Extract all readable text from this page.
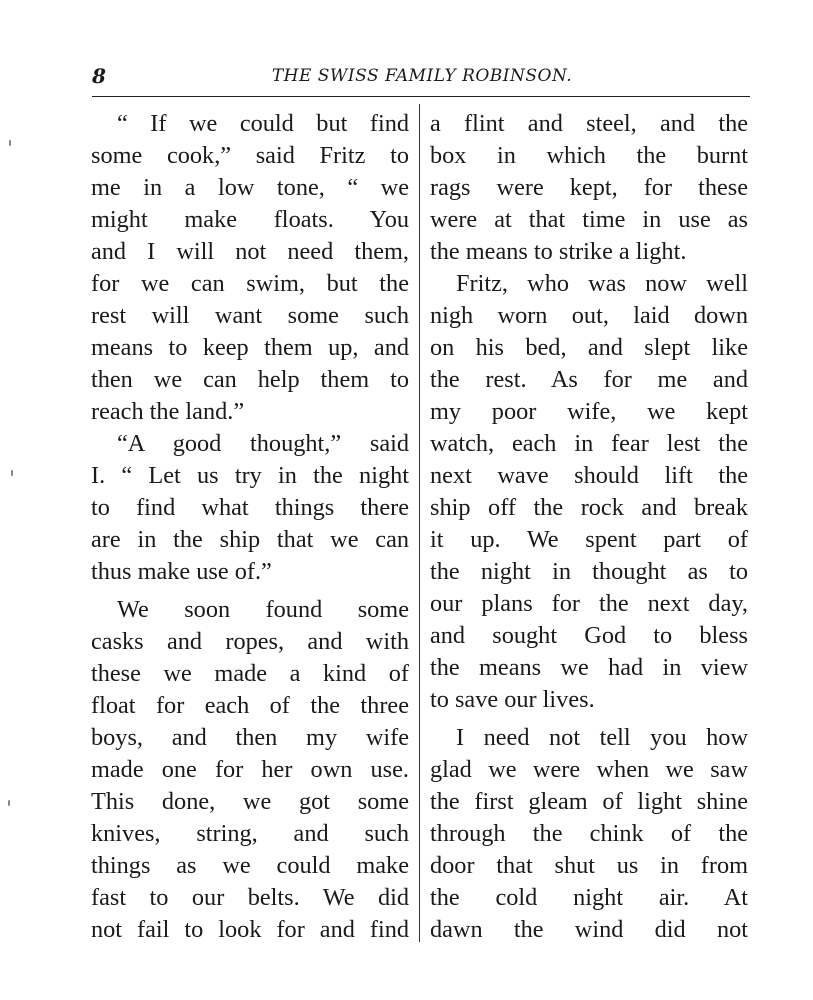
8	THE SWISS FAMILY ROBINSON.
“ If we could but find
some cook,” said Fritz to
me in a low tone, “ we
might make floats. You
and I will not need them,
for we can swim, but the
rest will want some such
means to keep them up, and
then we can help them to
reach the land.”
“A good thought,” said
I. “ Let us try in the night
to find what things there
are in the ship that we can
thus make use of.”
We soon found some
casks and ropes, and with
these we made a kind of
float for each of the three
boys, and then my wife
made one for her own use.
This done, we got some
knives, string, and such
things as we could make
fast to our belts. We did
not fail to look for and find
a flint and steel, and the
box in which the burnt
rags were kept, for these
were at that time in use as
the means to strike a light.
Fritz, who was now well
nigh worn out, laid down
on his bed, and slept like
the rest. As for me and
my poor wife, we kept
watch, each in fear lest the
next wave should lift the
ship off the rock and break
it up. We spent part of
the night in thought as to
our plans for the next day,
and sought God to bless
the means we had in view
to save our lives.
I need not tell you how
glad we were when we saw
the first gleam of light shine
through the chink of the
door that shut us in from
the cold night air. At
dawn the wind did not
